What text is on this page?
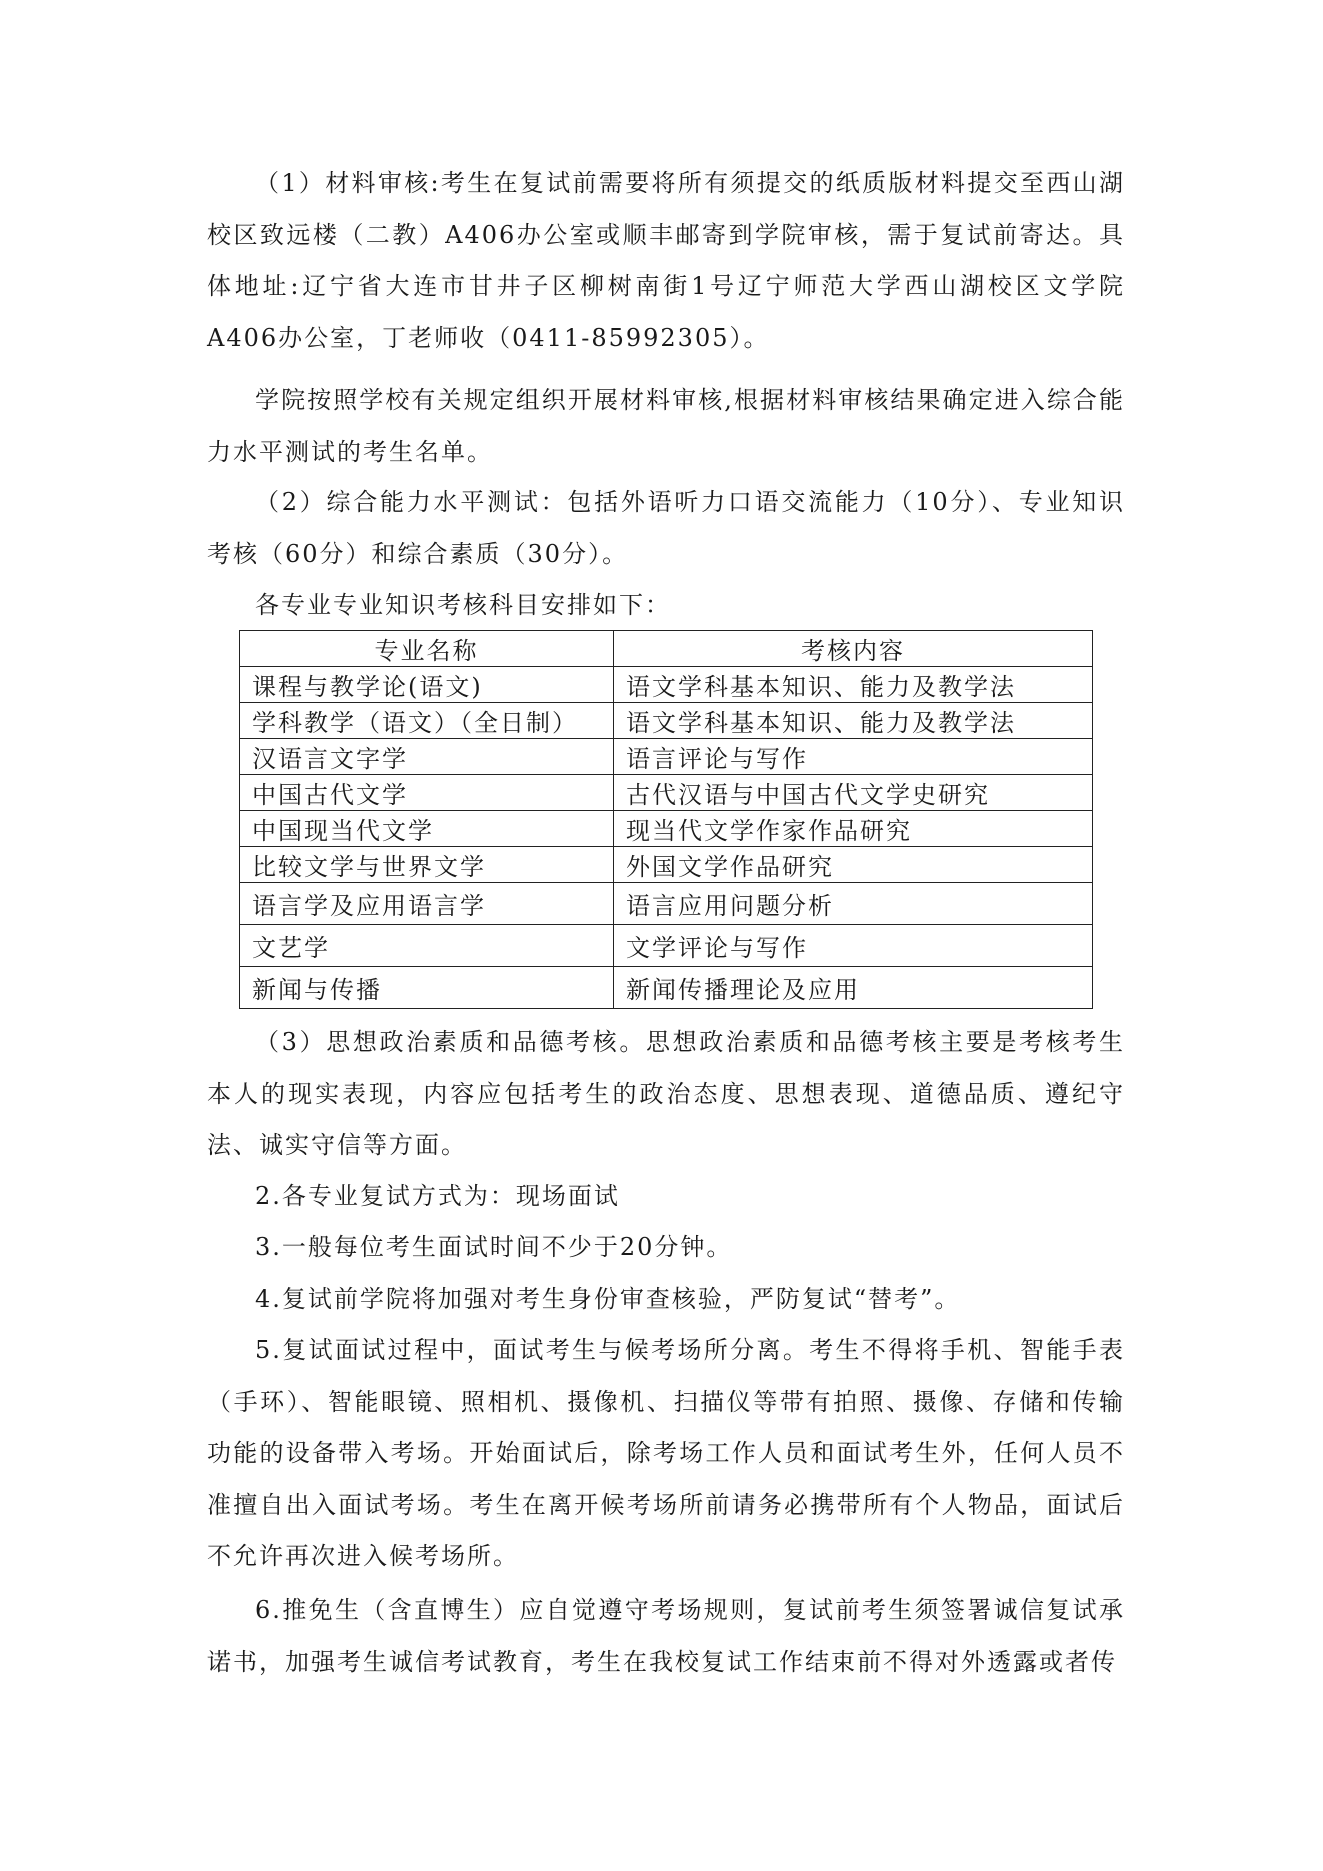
（1）材料审核:考生在复试前需要将所有须提交的纸质版材料提交至西山湖校区致远楼（二教）A406办公室或顺丰邮寄到学院审核，需于复试前寄达。具体地址:辽宁省大连市甘井子区柳树南街1号辽宁师范大学西山湖校区文学院A406办公室，丁老师收（0411-85992305）。

学院按照学校有关规定组织开展材料审核,根据材料审核结果确定进入综合能力水平测试的考生名单。

（2）综合能力水平测试：包括外语听力口语交流能力（10分）、专业知识考核（60分）和综合素质（30分）。

各专业专业知识考核科目安排如下：
专业名称	考核内容
课程与教学论(语文)	语文学科基本知识、能力及教学法
学科教学（语文）（全日制）	语文学科基本知识、能力及教学法
汉语言文字学	语言评论与写作
中国古代文学	古代汉语与中国古代文学史研究
中国现当代文学	现当代文学作家作品研究
比较文学与世界文学	外国文学作品研究
语言学及应用语言学	语言应用问题分析
文艺学	文学评论与写作
新闻与传播	新闻传播理论及应用

（3）思想政治素质和品德考核。思想政治素质和品德考核主要是考核考生本人的现实表现，内容应包括考生的政治态度、思想表现、道德品质、遵纪守法、诚实守信等方面。

2.各专业复试方式为：现场面试

3.一般每位考生面试时间不少于20分钟。

4.复试前学院将加强对考生身份审查核验，严防复试“替考”。

5.复试面试过程中，面试考生与候考场所分离。考生不得将手机、智能手表（手环）、智能眼镜、照相机、摄像机、扫描仪等带有拍照、摄像、存储和传输功能的设备带入考场。开始面试后，除考场工作人员和面试考生外，任何人员不准擅自出入面试考场。考生在离开候考场所前请务必携带所有个人物品，面试后不允许再次进入候考场所。

6.推免生（含直博生）应自觉遵守考场规则，复试前考生须签署诚信复试承诺书，加强考生诚信考试教育，考生在我校复试工作结束前不得对外透露或者传
